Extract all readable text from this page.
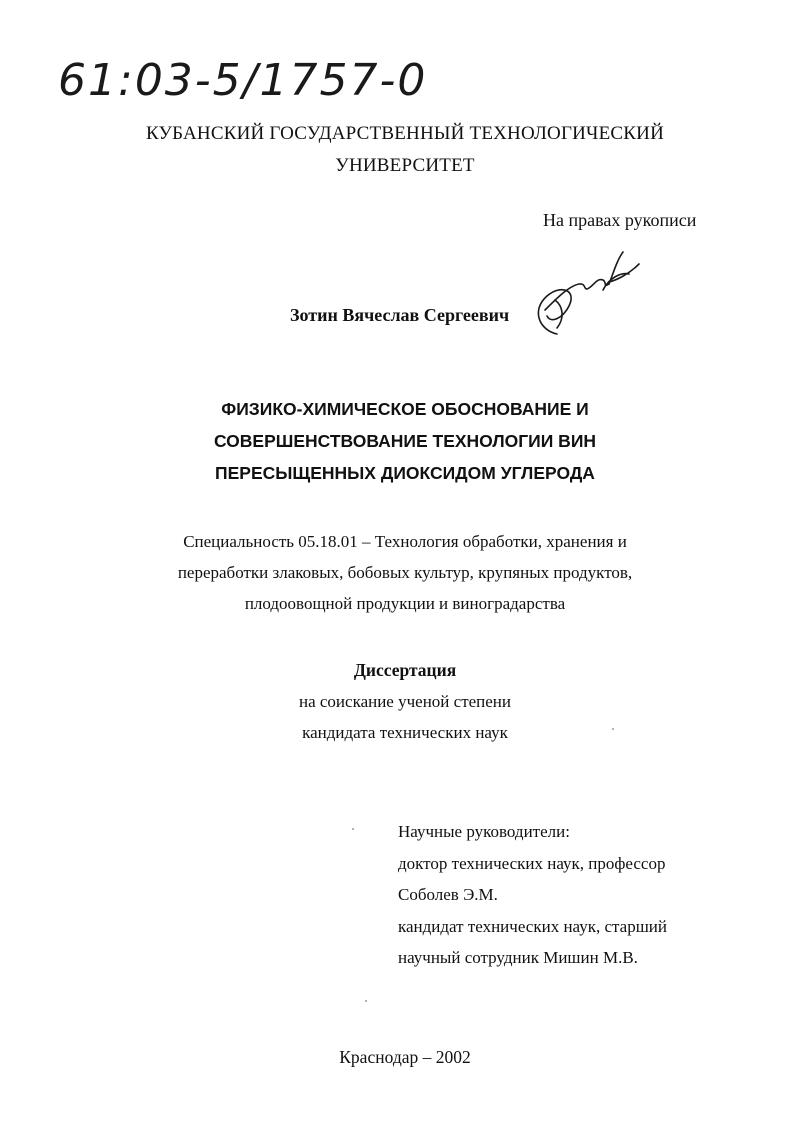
61:03-5/1757-0
КУБАНСКИЙ ГОСУДАРСТВЕННЫЙ ТЕХНОЛОГИЧЕСКИЙ
УНИВЕРСИТЕТ
На правах рукописи
Зотин Вячеслав Сергеевич
ФИЗИКО-ХИМИЧЕСКОЕ ОБОСНОВАНИЕ И
СОВЕРШЕНСТВОВАНИЕ ТЕХНОЛОГИИ ВИН
ПЕРЕСЫЩЕННЫХ ДИОКСИДОМ УГЛЕРОДА
Специальность 05.18.01 – Технология обработки, хранения и
переработки злаковых, бобовых культур, крупяных продуктов,
плодоовощной продукции и виноградарства
Диссертация
на соискание ученой степени
кандидата технических наук
Научные руководители:
доктор технических наук, профессор
Соболев Э.М.
кандидат технических наук, старший
научный сотрудник Мишин М.В.
Краснодар – 2002
